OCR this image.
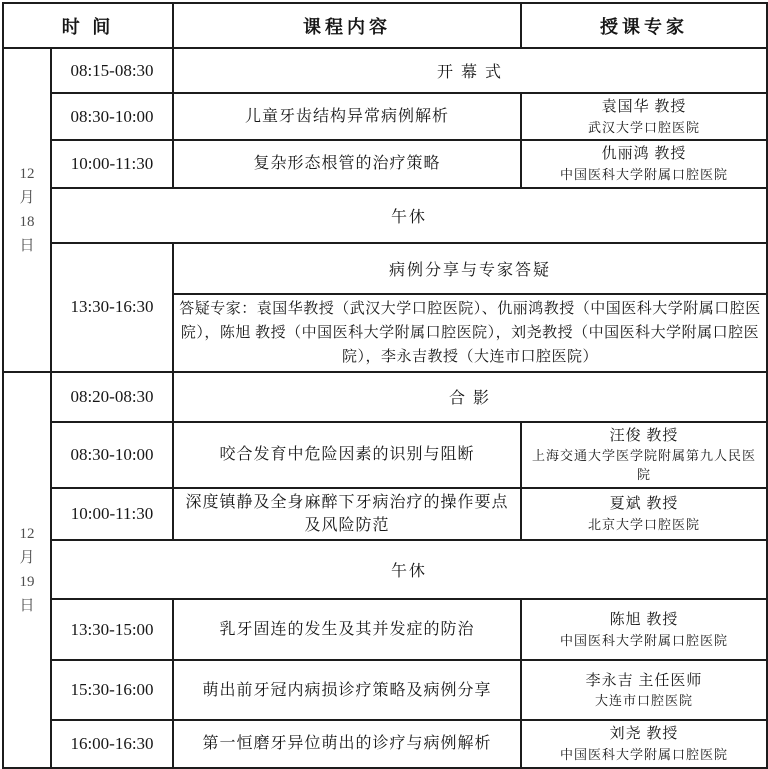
时 间		课程内容	授课专家

12
月
18
日	08:15-08:30	开 幕 式	
	08:30-10:00	儿童牙齿结构异常病例解析	袁国华 教授
武汉大学口腔医院

	10:00-11:30	复杂形态根管的治疗策略	仇丽鸿 教授
中国医科大学附属口腔医院

	午休		
	13:30-16:30	病例分享与专家答疑	
		答疑专家：袁国华教授（武汉大学口腔医院）、仇丽鸿教授（中国医科大学附属口腔医院），陈旭 教授（中国医科大学附属口腔医院），刘尧教授（中国医科大学附属口腔医院），李永吉教授（大连市口腔医院）	

12
月
19
日	08:20-08:30	合 影	
	08:30-10:00	咬合发育中危险因素的识别与阻断	汪俊 教授
上海交通大学医学院附属第九人民医院

	10:00-11:30	深度镇静及全身麻醉下牙病治疗的操作要点及风险防范	夏斌 教授
北京大学口腔医院

	午休		
	13:30-15:00	乳牙固连的发生及其并发症的防治	陈旭 教授
中国医科大学附属口腔医院

	15:30-16:00	萌出前牙冠内病损诊疗策略及病例分享	李永吉 主任医师
大连市口腔医院

	16:00-16:30	第一恒磨牙异位萌出的诊疗与病例解析	刘尧 教授
中国医科大学附属口腔医院
